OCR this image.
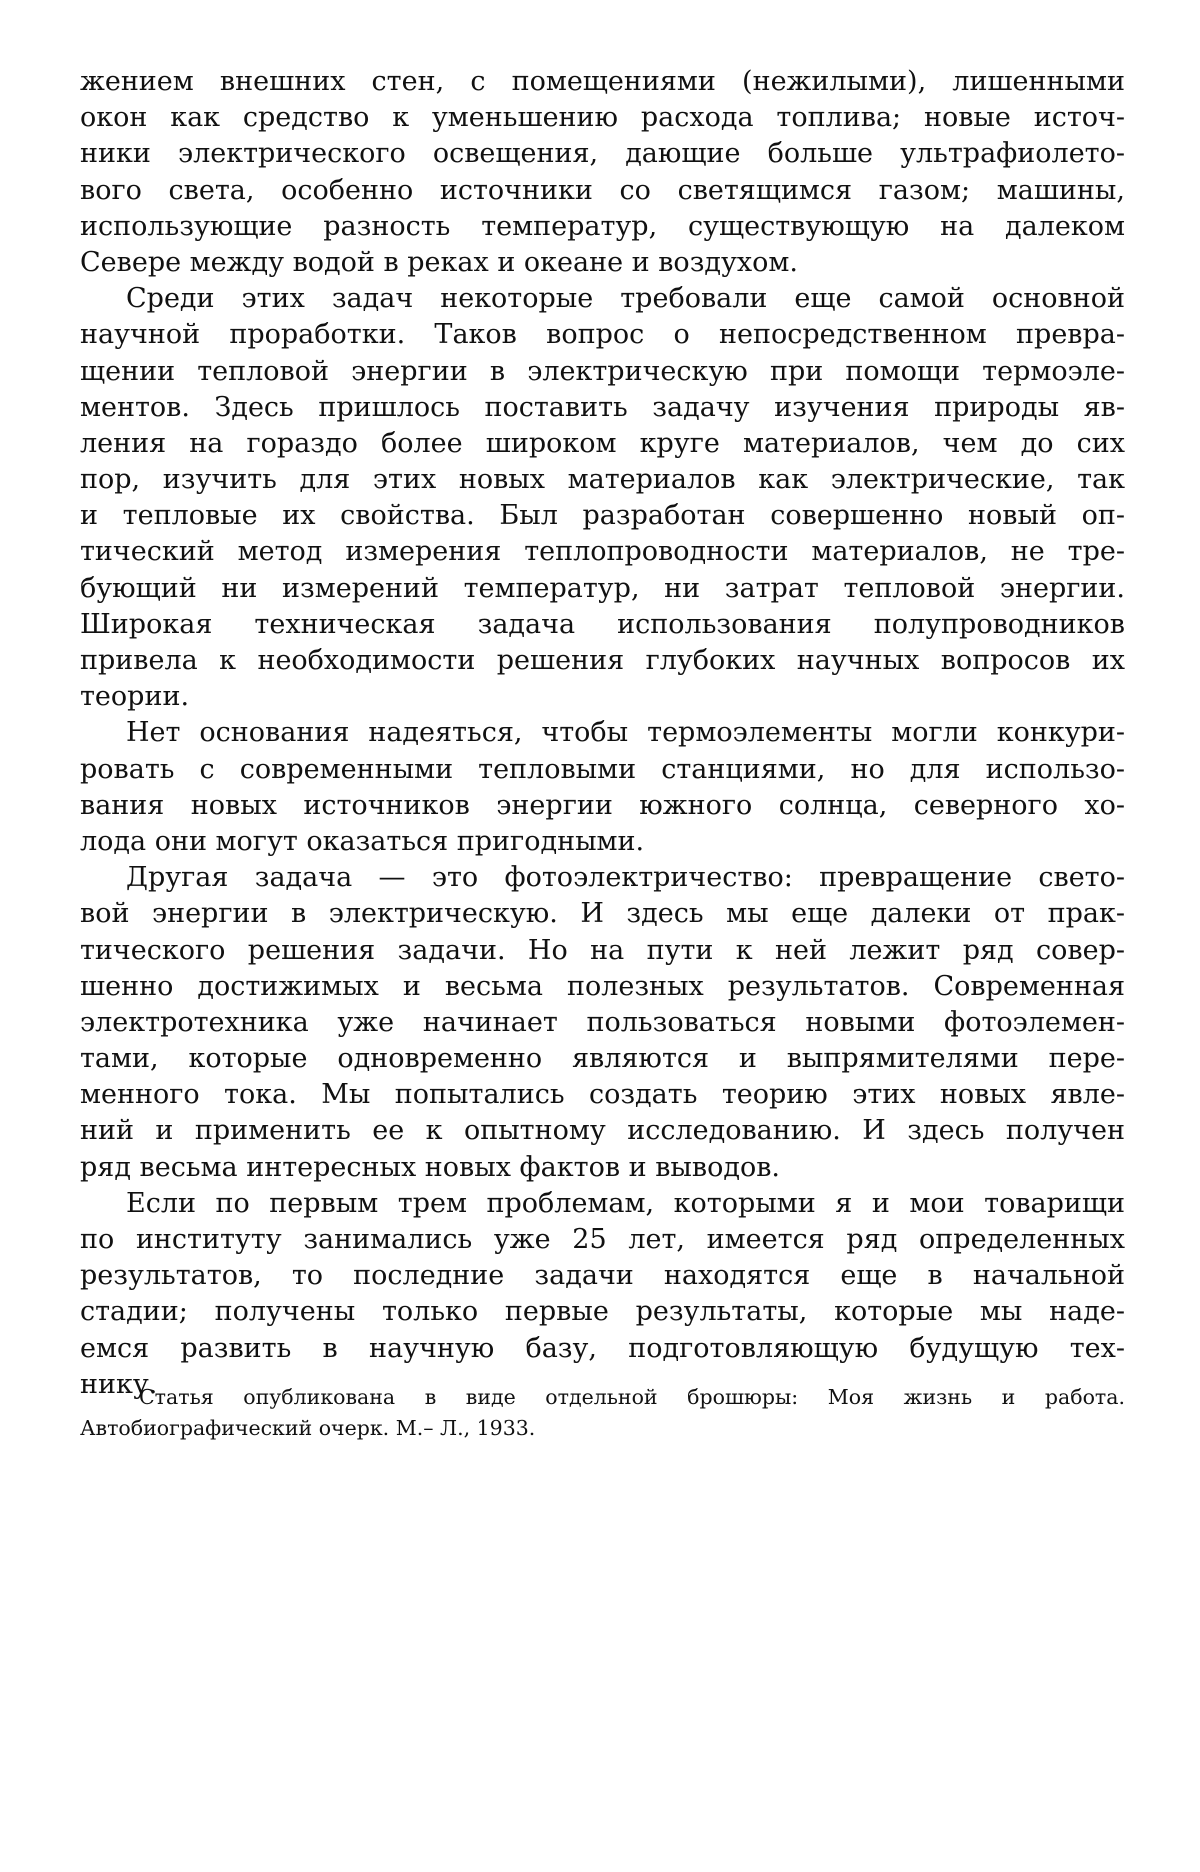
жением внешних стен, с помещениями (нежилыми), лишенными
окон как средство к уменьшению расхода топлива; новые источ-
ники электрического освещения, дающие больше ультрафиолето-
вого света, особенно источники со светящимся газом; машины,
использующие разность температур, существующую на далеком
Севере между водой в реках и океане и воздухом.
Среди этих задач некоторые требовали еще самой основной
научной проработки. Таков вопрос о непосредственном превра-
щении тепловой энергии в электрическую при помощи термоэле-
ментов. Здесь пришлось поставить задачу изучения природы яв-
ления на гораздо более широком круге материалов, чем до сих
пор, изучить для этих новых материалов как электрические, так
и тепловые их свойства. Был разработан совершенно новый оп-
тический метод измерения теплопроводности материалов, не тре-
бующий ни измерений температур, ни затрат тепловой энергии.
Широкая техническая задача использования полупроводников
привела к необходимости решения глубоких научных вопросов их
теории.
Нет основания надеяться, чтобы термоэлементы могли конкури-
ровать с современными тепловыми станциями, но для использо-
вания новых источников энергии южного солнца, северного хо-
лода они могут оказаться пригодными.
Другая задача — это фотоэлектричество: превращение свето-
вой энергии в электрическую. И здесь мы еще далеки от прак-
тического решения задачи. Но на пути к ней лежит ряд совер-
шенно достижимых и весьма полезных результатов. Современная
электротехника уже начинает пользоваться новыми фотоэлемен-
тами, которые одновременно являются и выпрямителями пере-
менного тока. Мы попытались создать теорию этих новых явле-
ний и применить ее к опытному исследованию. И здесь получен
ряд весьма интересных новых фактов и выводов.
Если по первым трем проблемам, которыми я и мои товарищи
по институту занимались уже 25 лет, имеется ряд определенных
результатов, то последние задачи находятся еще в начальной
стадии; получены только первые результаты, которые мы наде-
емся развить в научную базу, подготовляющую будущую тех-
нику.
Статья опубликована в виде отдельной брошюры: Моя жизнь и работа.
Автобиографический очерк. М.– Л., 1933.
